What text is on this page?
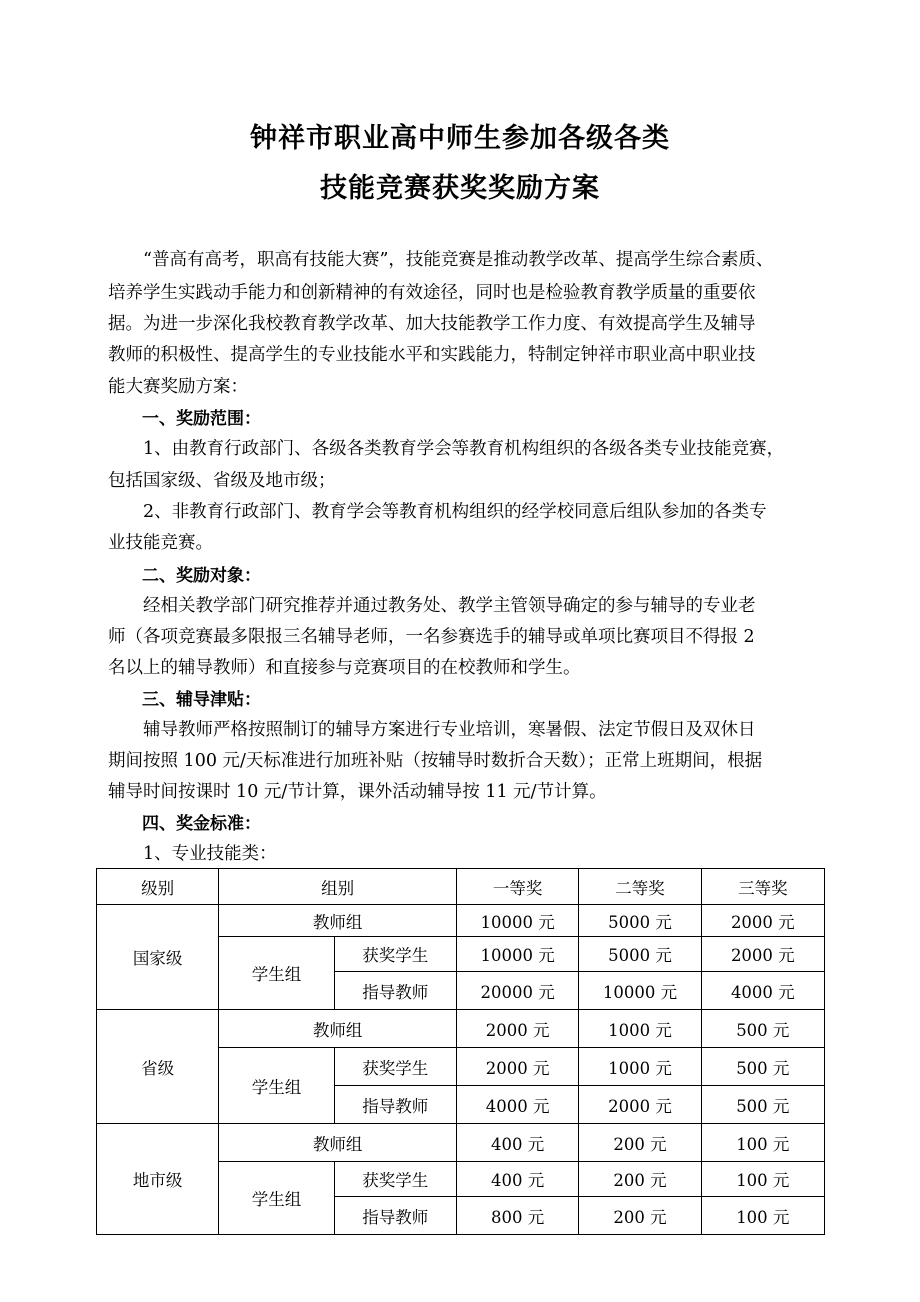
钟祥市职业高中师生参加各级各类
技能竞赛获奖奖励方案
　　“普高有高考，职高有技能大赛”，技能竞赛是推动教学改革、提高学生综合素质、
培养学生实践动手能力和创新精神的有效途径，同时也是检验教育教学质量的重要依
据。为进一步深化我校教育教学改革、加大技能教学工作力度、有效提高学生及辅导
教师的积极性、提高学生的专业技能水平和实践能力，特制定钟祥市职业高中职业技
能大赛奖励方案：
　　一、奖励范围：
　　1、由教育行政部门、各级各类教育学会等教育机构组织的各级各类专业技能竞赛，
包括国家级、省级及地市级；
　　2、非教育行政部门、教育学会等教育机构组织的经学校同意后组队参加的各类专
业技能竞赛。
　　二、奖励对象：
　　经相关教学部门研究推荐并通过教务处、教学主管领导确定的参与辅导的专业老
师（各项竞赛最多限报三名辅导老师，一名参赛选手的辅导或单项比赛项目不得报 2
名以上的辅导教师）和直接参与竞赛项目的在校教师和学生。
　　三、辅导津贴：
　　辅导教师严格按照制订的辅导方案进行专业培训，寒暑假、法定节假日及双休日
期间按照 100 元/天标准进行加班补贴（按辅导时数折合天数）；正常上班期间，根据
辅导时间按课时 10 元/节计算，课外活动辅导按 11 元/节计算。
　　四、奖金标准：
　　1、专业技能类：
级别	组别		一等奖	二等奖	三等奖
国家级	教师组		10000 元	5000 元	2000 元
	学生组	获奖学生	10000 元	5000 元	2000 元
		指导教师	20000 元	10000 元	4000 元
省级	教师组		2000 元	1000 元	500 元
	学生组	获奖学生	2000 元	1000 元	500 元
		指导教师	4000 元	2000 元	500 元
地市级	教师组		400 元	200 元	100 元
	学生组	获奖学生	400 元	200 元	100 元
		指导教师	800 元	200 元	100 元
